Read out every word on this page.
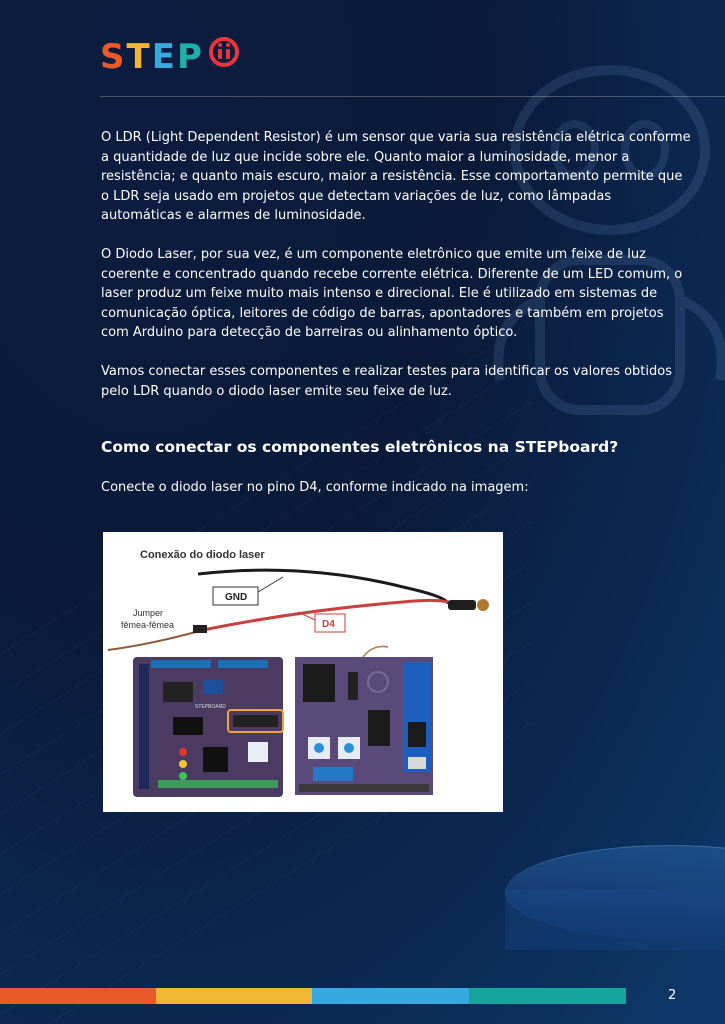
S T E P

O LDR (Light Dependent Resistor) é um sensor que varia sua resistência elétrica conforme a quantidade de luz que incide sobre ele. Quanto maior a luminosidade, menor a resistência; e quanto mais escuro, maior a resistência. Esse comportamento permite que o LDR seja usado em projetos que detectam variações de luz, como lâmpadas automáticas e alarmes de luminosidade.

O Diodo Laser, por sua vez, é um componente eletrônico que emite um feixe de luz coerente e concentrado quando recebe corrente elétrica. Diferente de um LED comum, o laser produz um feixe muito mais intenso e direcional. Ele é utilizado em sistemas de comunicação óptica, leitores de código de barras, apontadores e também em projetos com Arduino para detecção de barreiras ou alinhamento óptico.

Vamos conectar esses componentes e realizar testes para identificar os valores obtidos pelo LDR quando o diodo laser emite seu feixe de luz.

Como conectar os componentes eletrônicos na STEPboard?

Conecte o diodo laser no pino D4, conforme indicado na imagem:

Conexão do diodo laser
GND
D4
Jumper
fêmea-fêmea
STEPBOARD
2
